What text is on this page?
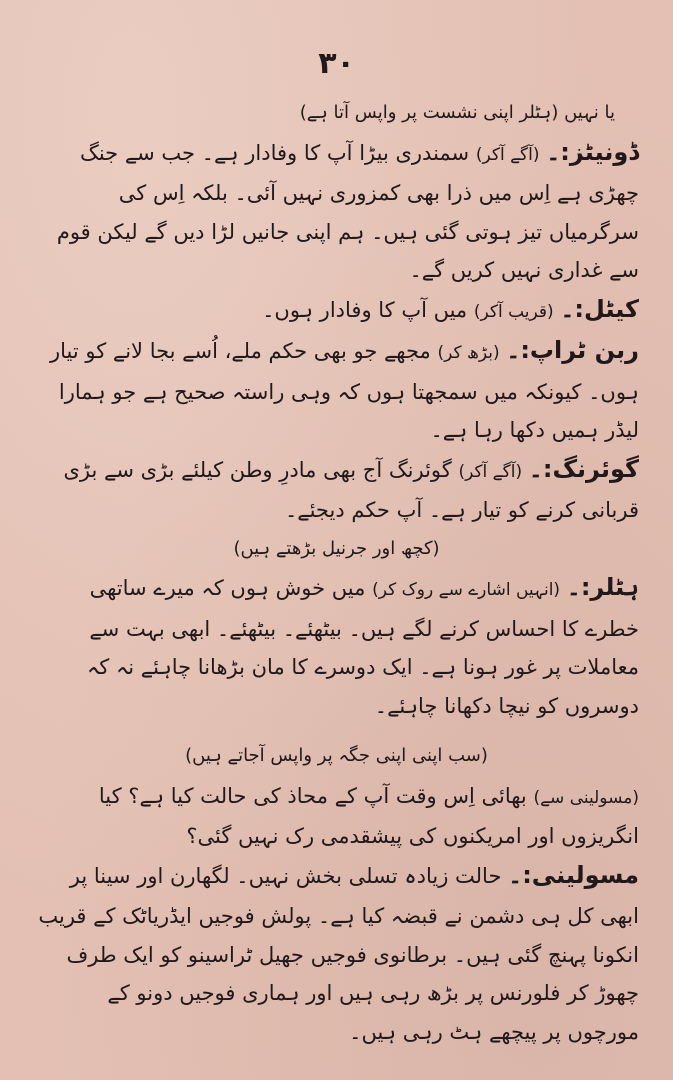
۳۰

یا نہیں (ہٹلر اپنی نشست پر واپس آتا ہے)

ڈونیٹز:۔ (آگے آکر) سمندری بیڑا آپ کا وفادار ہے۔ جب سے جنگ چھڑی ہے اِس میں ذرا بھی کمزوری نہیں آئی۔ بلکہ اِس کی سرگرمیاں تیز ہوتی گئی ہیں۔ ہم اپنی جانیں لڑا دیں گے لیکن قوم سے غداری نہیں کریں گے۔

کیٹل:۔ (قریب آکر) میں آپ کا وفادار ہوں۔

ربن ٹراپ:۔ (بڑھ کر) مجھے جو بھی حکم ملے، اُسے بجا لانے کو تیار ہوں۔ کیونکہ میں سمجھتا ہوں کہ وہی راستہ صحیح ہے جو ہمارا لیڈر ہمیں دکھا رہا ہے۔

گوئرنگ:۔ (آگے آکر) گوئرنگ آج بھی مادرِ وطن کیلئے بڑی سے بڑی قربانی کرنے کو تیار ہے۔ آپ حکم دیجئے۔

(کچھ اور جرنیل بڑھتے ہیں)

ہٹلر:۔ (انہیں اشارے سے روک کر) میں خوش ہوں کہ میرے ساتھی خطرے کا احساس کرنے لگے ہیں۔ بیٹھئے۔ بیٹھئے۔ ابھی بہت سے معاملات پر غور ہونا ہے۔ ایک دوسرے کا مان بڑھانا چاہئے نہ کہ دوسروں کو نیچا دکھانا چاہئے۔

(سب اپنی اپنی جگہ پر واپس آجاتے ہیں)

(مسولینی سے) بھائی اِس وقت آپ کے محاذ کی حالت کیا ہے؟ کیا انگریزوں اور امریکنوں کی پیشقدمی رک نہیں گئی؟

مسولینی:۔ حالت زیادہ تسلی بخش نہیں۔ لگھارن اور سینا پر ابھی کل ہی دشمن نے قبضہ کیا ہے۔ پولش فوجیں ایڈریاٹک کے قریب انکونا پہنچ گئی ہیں۔ برطانوی فوجیں جھیل ٹراسینو کو ایک طرف چھوڑ کر فلورنس پر بڑھ رہی ہیں اور ہماری فوجیں دونو کے مورچوں پر پیچھے ہٹ رہی ہیں۔
